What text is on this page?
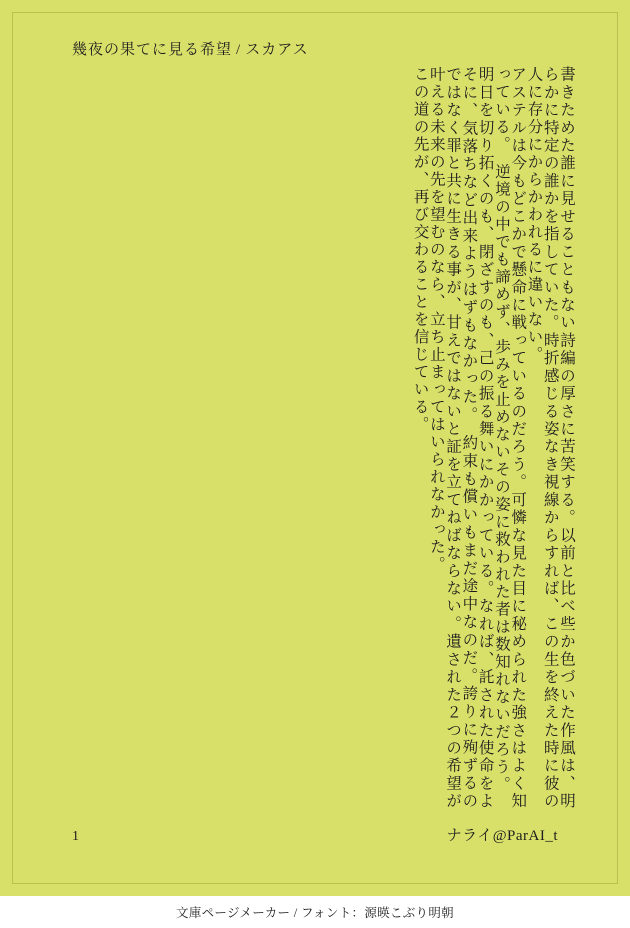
幾夜の果てに見る希望 / スカアス
書きためた誰に見せることもない詩編の厚さに苦笑する。以前と比べ些か色づいた作風は、明らかに特定の誰かを指していた。時折感じる姿なき視線からすれば、この生を終えた時に彼の人に存分にからかわれるに違いない。
アステルは今もどこかで懸命に戦っているのだろう。可憐な見た目に秘められた強さはよく知っている。　逆境の中でも諦めず、歩みを止めないその姿に救われた者は数知れないだろう。
明日を切り拓くのも、閉ざすのも、己の振る舞いにかかっている。なれば、託された使命をよそに、気落ちなど出来ようはずもなかった。　約束も償いもまだ途中なのだ。誇りに殉ずるのではなく罪と共に生きる事が、甘えではないと証を立てねばならない。遺された２つの希望が叶える未来の先を望むのなら、立ち止まってはいられなかった。
この道の先が、再び交わることを信じている。
1	ナライ@ParAI_t
文庫ページメーカー / フォント：源暎こぶり明朝
